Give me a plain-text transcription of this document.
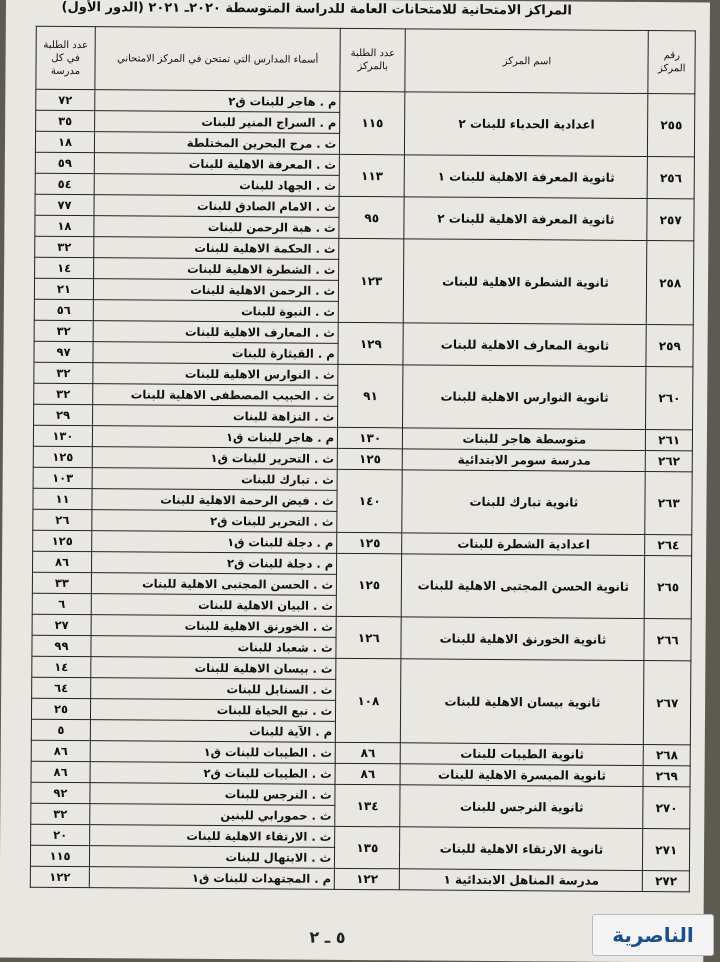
المراكز الامتحانية للامتحانات العامة للدراسة المتوسطة ٢٠٢٠ـ ٢٠٢١ (الدور الأول)
رقم المركز	اسم المركز	عدد الطلبة بالمركز	أسماء المدارس التي تمتحن في المركز الامتحاني	عدد الطلبة في كل مدرسة
٢٥٥	اعدادية الحدباء للبنات ٢	١١٥	م . هاجر للبنات ق٢	٧٢
			م . السراج المنير للبنات	٣٥
			ث . مرج البحرين المختلطة	١٨
٢٥٦	ثانوية المعرفة الاهلية للبنات ١	١١٣	ث . المعرفة الاهلية للبنات	٥٩
			ث . الجهاد للبنات	٥٤
٢٥٧	ثانوية المعرفة الاهلية للبنات ٢	٩٥	ث . الامام الصادق للبنات	٧٧
			ث . هبة الرحمن للبنات	١٨
٢٥٨	ثانوية الشطرة الاهلية للبنات	١٢٣	ث . الحكمة الاهلية للبنات	٣٢
			ث . الشطرة الاهلية للبنات	١٤
			ث . الرحمن الاهلية للبنات	٢١
			ث . النبوة للبنات	٥٦
٢٥٩	ثانوية المعارف الاهلية للبنات	١٢٩	ث . المعارف الاهلية للبنات	٣٢
			م . القيثارة للبنات	٩٧
٢٦٠	ثانوية النوارس الاهلية للبنات	٩١	ث . النوارس الاهلية للبنات	٣٢
			ث . الحبيب المصطفى الاهلية للبنات	٣٢
			ث . النزاهة للبنات	٢٩
٢٦١	متوسطة هاجر للبنات	١٣٠	م . هاجر للبنات ق١	١٣٠
٢٦٢	مدرسة سومر الابتدائية	١٢٥	ث . التحرير للبنات ق١	١٢٥
٢٦٣	ثانوية تبارك للبنات	١٤٠	ث . تبارك للبنات	١٠٣
			ث . فيض الرحمة الاهلية للبنات	١١
			ث . التحرير للبنات ق٢	٢٦
٢٦٤	اعدادية الشطرة للبنات	١٢٥	م . دجلة للبنات ق١	١٢٥
٢٦٥	ثانوية الحسن المجتبى الاهلية للبنات	١٢٥	م . دجلة للبنات ق٢	٨٦
			ث . الحسن المجتبى الاهلية للبنات	٣٣
			ث . البيان الاهلية للبنات	٦
٢٦٦	ثانوية الخورنق الاهلية للبنات	١٢٦	ث . الخورنق الاهلية للبنات	٢٧
			ث . شعباد للبنات	٩٩
٢٦٧	ثانوية بيسان الاهلية للبنات	١٠٨	ث . بيسان الاهلية للبنات	١٤
			ث . السنابل للبنات	٦٤
			ث . نبع الحياة للبنات	٢٥
			م . الآية للبنات	٥
٢٦٨	ثانوية الطيبات للبنات	٨٦	ث . الطيبات للبنات ق١	٨٦
٢٦٩	ثانوية الميسرة الاهلية للبنات	٨٦	ث . الطيبات للبنات ق٢	٨٦
٢٧٠	ثانوية النرجس للبنات	١٣٤	ث . النرجس للبنات	٩٢
			ث . حمورابي للبنين	٣٢
٢٧١	ثانوية الارتقاء الاهلية للبنات	١٣٥	ث . الارتقاء الاهلية للبنات	٢٠
			ث . الابتهال للبنات	١١٥
٢٧٢	مدرسة المناهل الابتدائية ١	١٢٢	م . المجتهدات للبنات ق١	١٢٢
٥ ـ ٢	الناصرية
